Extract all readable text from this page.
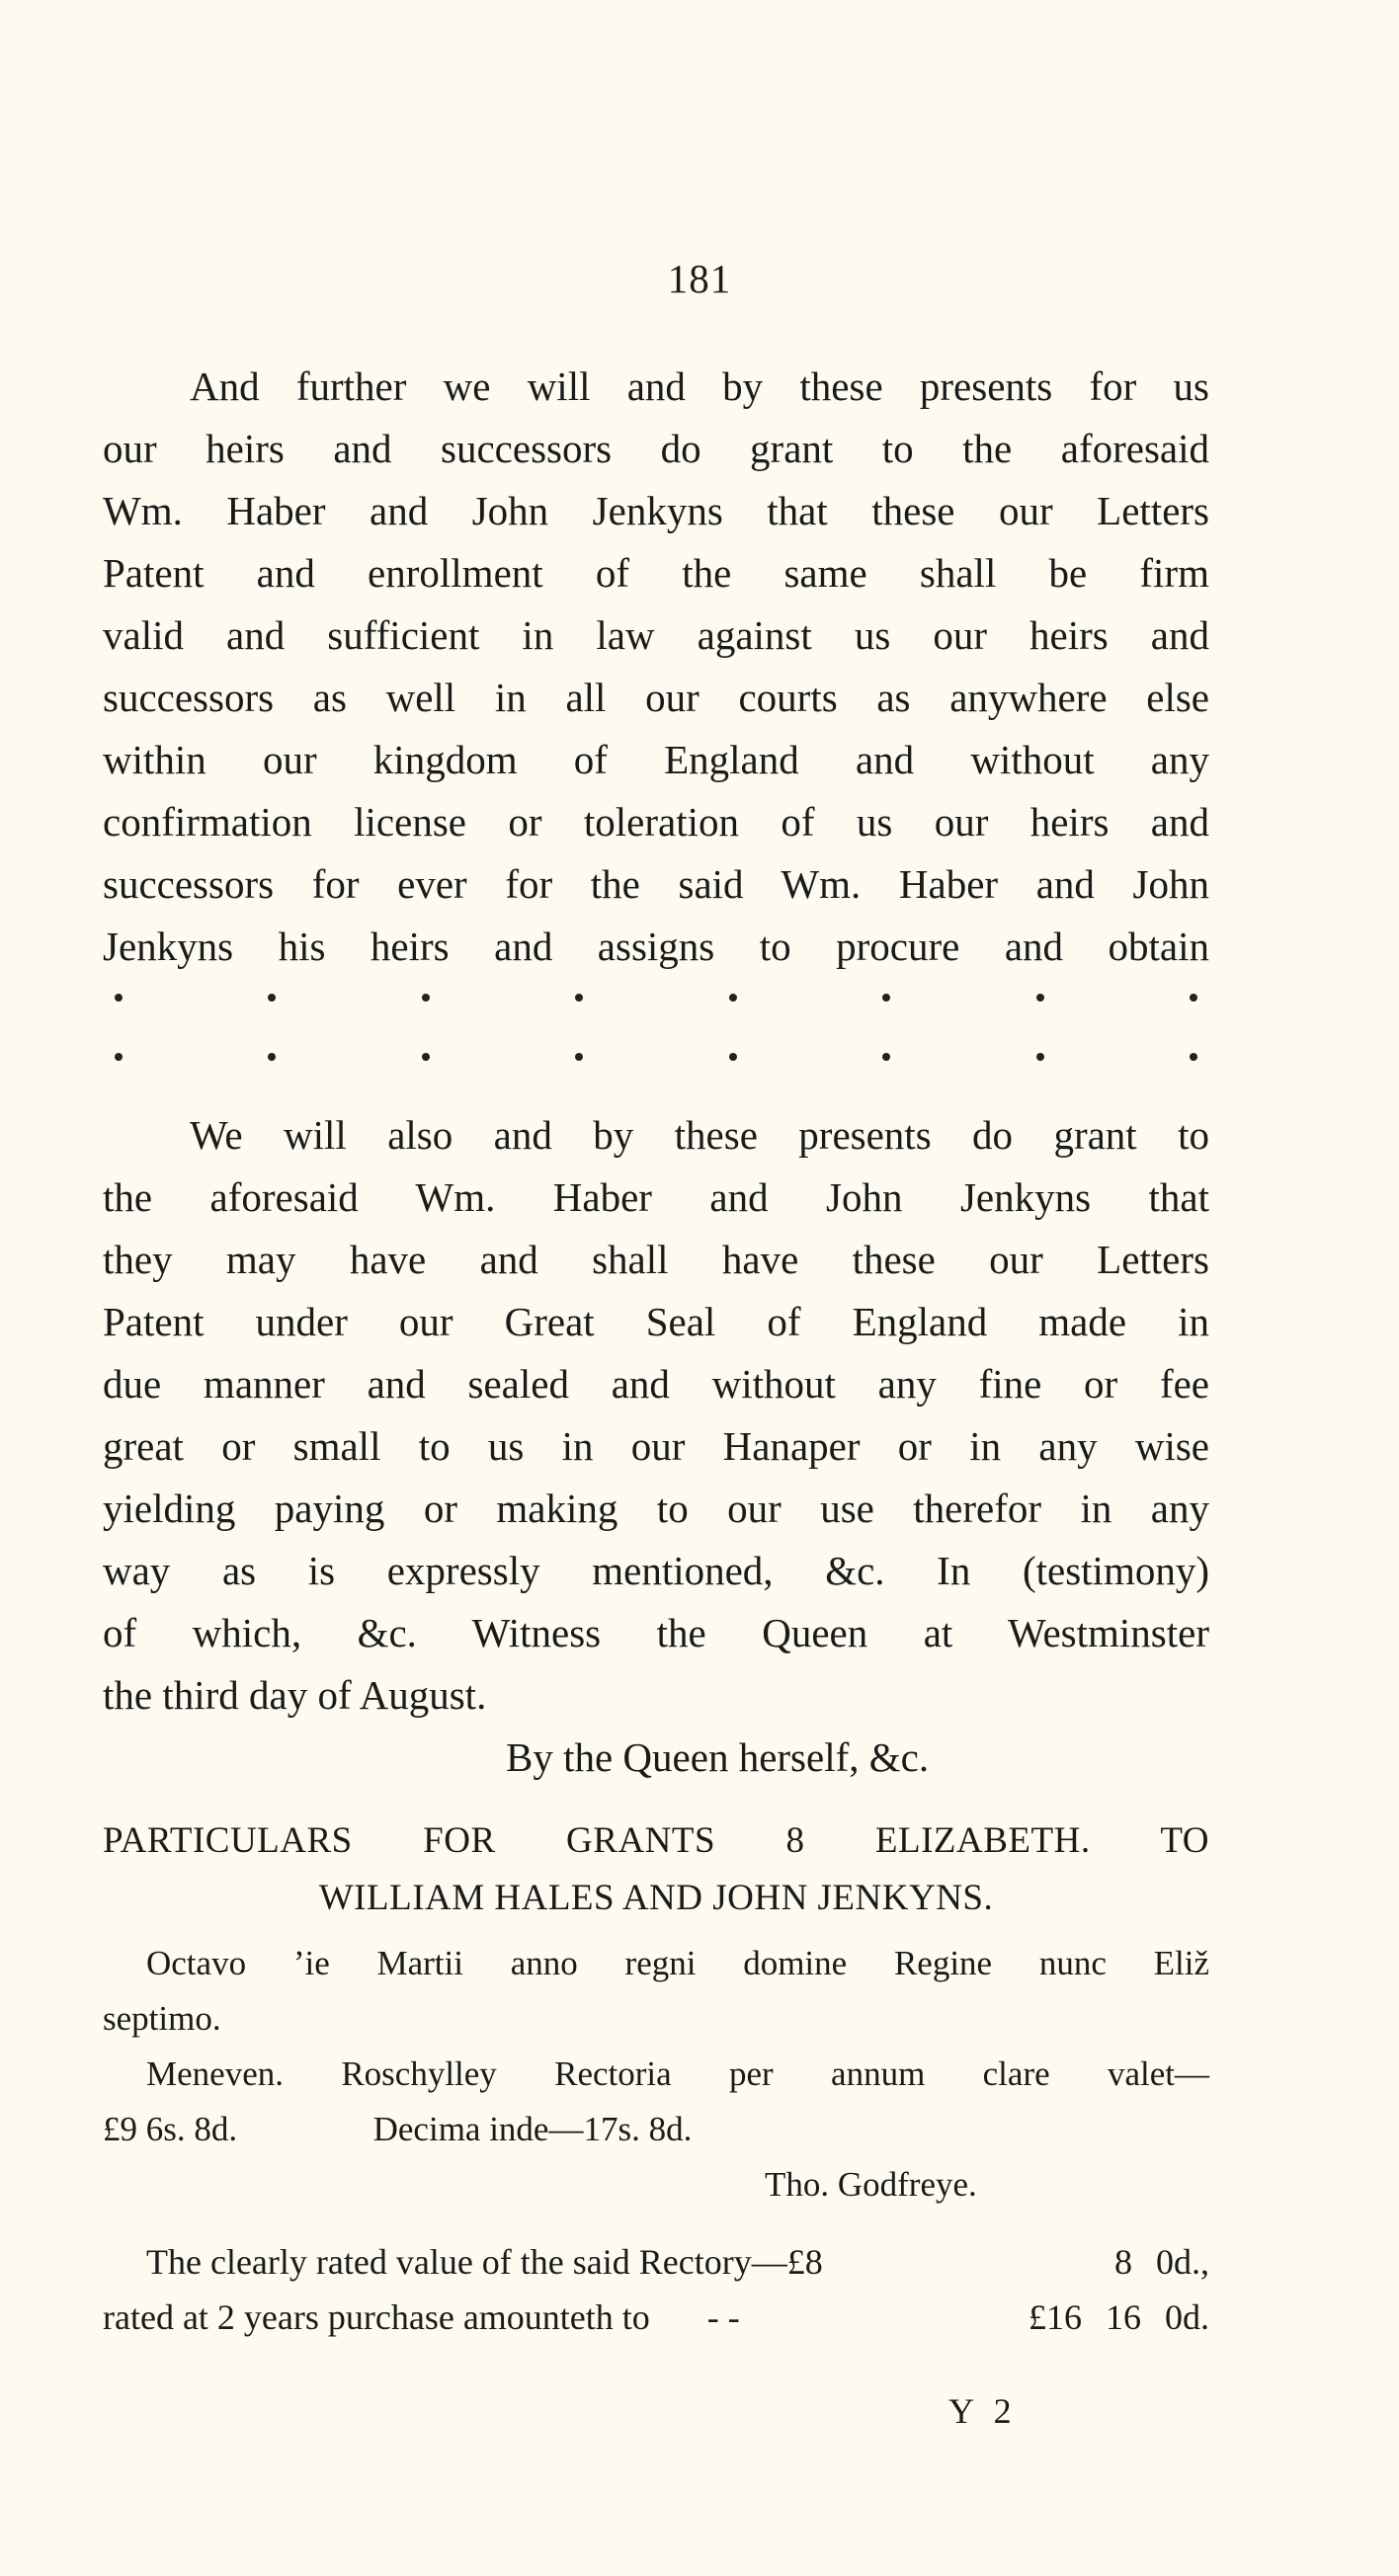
181
And further we will and by these presents for us
our heirs and successors do grant to the aforesaid
Wm. Haber and John Jenkyns that these our Letters
Patent and enrollment of the same shall be firm
valid and sufficient in law against us our heirs and
successors as well in all our courts as anywhere else
within our kingdom of England and without any
confirmation license or toleration of us our heirs and
successors for ever for the said Wm. Haber and John
Jenkyns his heirs and assigns to procure and obtain
We will also and by these presents do grant to
the aforesaid Wm. Haber and John Jenkyns that
they may have and shall have these our Letters
Patent under our Great Seal of England made in
due manner and sealed and without any fine or fee
great or small to us in our Hanaper or in any wise
yielding paying or making to our use therefor in any
way as is expressly mentioned, &c. In (testimony)
of which, &c. Witness the Queen at Westminster
the third day of August.
By the Queen herself, &c.
PARTICULARS FOR GRANTS 8 ELIZABETH. TO
WILLIAM HALES AND JOHN JENKYNS.
Octavo ʼie Martii anno regni domine Regine nunc Eliž
septimo.
Meneven. Roschylley Rectoria per annum clare valet—
£9 6s. 8d.	Decima inde—17s. 8d.
Tho. Godfreye.
The clearly rated value of the said Rectory—£8	8 0d.,
rated at 2 years purchase amounteth to - -	£16 16 0d.
Y 2
